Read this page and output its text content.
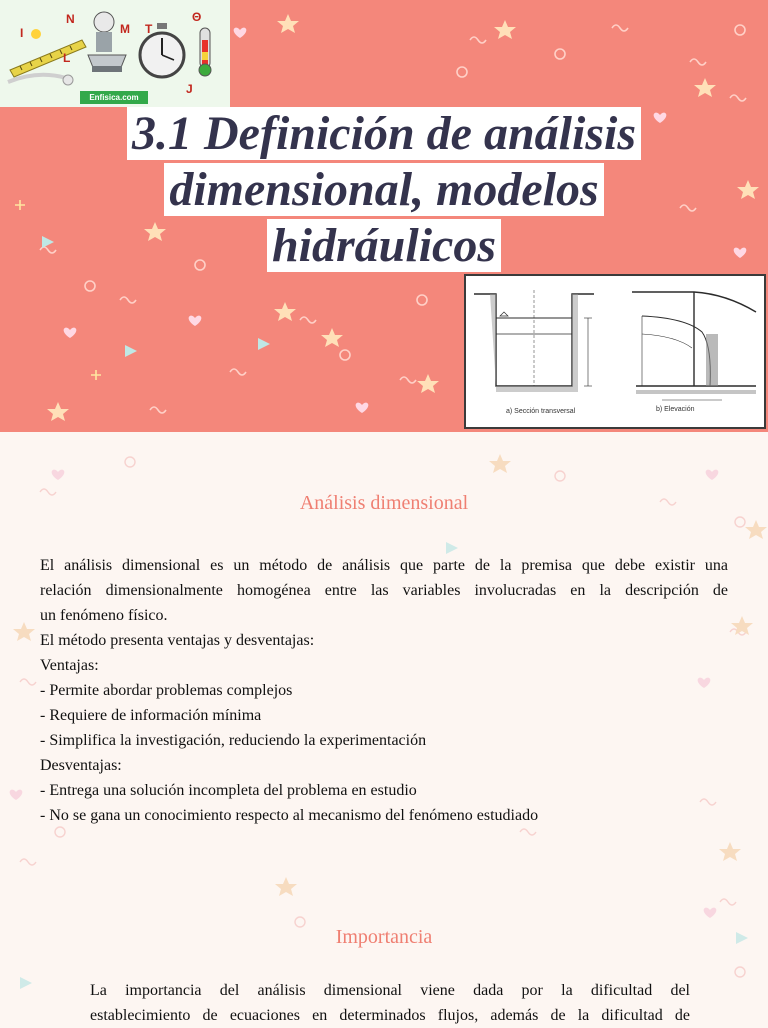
I
N
M T
Θ
L
J
Enfisica.com
3.1 Definición de análisis
dimensional, modelos
hidráulicos
a) Sección transversal	b) Elevación
Análisis dimensional
El análisis dimensional es un método de análisis que parte de la premisa que debe existir una
relación dimensionalmente homogénea entre las variables involucradas en la descripción de
un fenómeno físico.
El método presenta ventajas y desventajas:
Ventajas:
- Permite abordar problemas complejos
- Requiere de información mínima
- Simplifica la investigación, reduciendo la experimentación
Desventajas:
- Entrega una solución incompleta del problema en estudio
- No se gana un conocimiento respecto al mecanismo del fenómeno estudiado
Importancia
La importancia del análisis dimensional viene dada por la dificultad del
establecimiento de ecuaciones en determinados flujos, además de la dificultad de
